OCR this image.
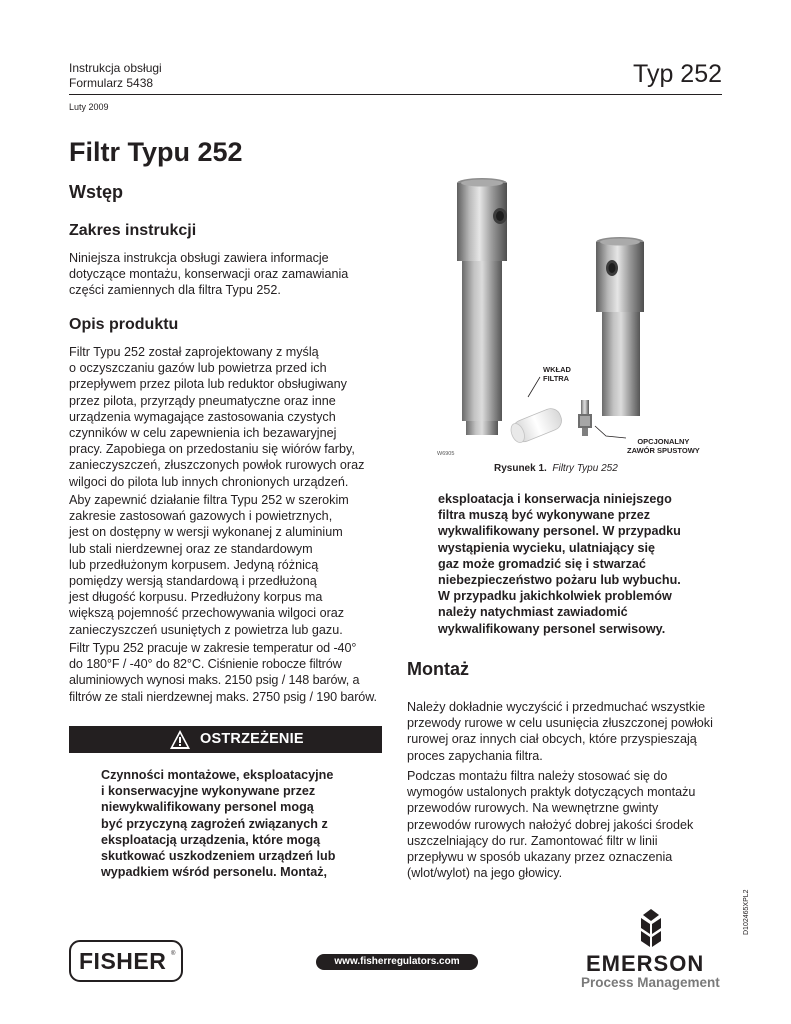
Instrukcja obsługi
Formularz 5438	Typ 252
Luty 2009
Filtr Typu 252
Wstęp
Zakres instrukcji
Niniejsza instrukcja obsługi zawiera informacje
dotyczące montażu, konserwacji oraz zamawiania
części zamiennych dla filtra Typu 252.
Opis produktu
Filtr Typu 252 został zaprojektowany z myślą
o oczyszczaniu gazów lub powietrza przed ich
przepływem przez pilota lub reduktor obsługiwany
przez pilota, przyrządy pneumatyczne oraz inne
urządzenia wymagające zastosowania czystych
czynników w celu zapewnienia ich bezawaryjnej
pracy. Zapobiega on przedostaniu się wiórów farby,
zanieczyszczeń, złuszczonych powłok rurowych oraz
wilgoci do pilota lub innych chronionych urządzeń.
Aby zapewnić działanie filtra Typu 252 w szerokim
zakresie zastosowań gazowych i powietrznych,
jest on dostępny w wersji wykonanej z aluminium
lub stali nierdzewnej oraz ze standardowym
lub przedłużonym korpusem. Jedyną różnicą
pomiędzy wersją standardową i przedłużoną
jest długość korpusu. Przedłużony korpus ma
większą pojemność przechowywania wilgoci oraz
zanieczyszczeń usuniętych z powietrza lub gazu.
Filtr Typu 252 pracuje w zakresie temperatur od -40°
do 180°F / -40° do 82°C. Ciśnienie robocze filtrów
aluminiowych wynosi maks. 2150 psig / 148 barów, a
filtrów ze stali nierdzewnej maks. 2750 psig / 190 barów.
OSTRZEŻENIE
Czynności montażowe, eksploatacyjne
i konserwacyjne wykonywane przez
niewykwalifikowany personel mogą
być przyczyną zagrożeń związanych z
eksploatacją urządzenia, które mogą
skutkować uszkodzeniem urządzeń lub
wypadkiem wśród personelu. Montaż,
WKŁAD
FILTRA
OPCJONALNY
ZAWÓR SPUSTOWY
W6905
Rysunek 1. Filtry Typu 252
eksploatacja i konserwacja niniejszego
filtra muszą być wykonywane przez
wykwalifikowany personel. W przypadku
wystąpienia wycieku, ulatniający się
gaz może gromadzić się i stwarzać
niebezpieczeństwo pożaru lub wybuchu.
W przypadku jakichkolwiek problemów
należy natychmiast zawiadomić
wykwalifikowany personel serwisowy.
Montaż
Należy dokładnie wyczyścić i przedmuchać wszystkie
przewody rurowe w celu usunięcia złuszczonej powłoki
rurowej oraz innych ciał obcych, które przyspieszają
proces zapychania filtra.
Podczas montażu filtra należy stosować się do
wymogów ustalonych praktyk dotyczących montażu
przewodów rurowych. Na wewnętrzne gwinty
przewodów rurowych nałożyć dobrej jakości środek
uszczelniający do rur. Zamontować filtr w linii
przepływu w sposób ukazany przez oznaczenia
(wlot/wylot) na jego głowicy.
D102465XPL2
FISHER ®
www.fisherregulators.com	EMERSON
Process Management
